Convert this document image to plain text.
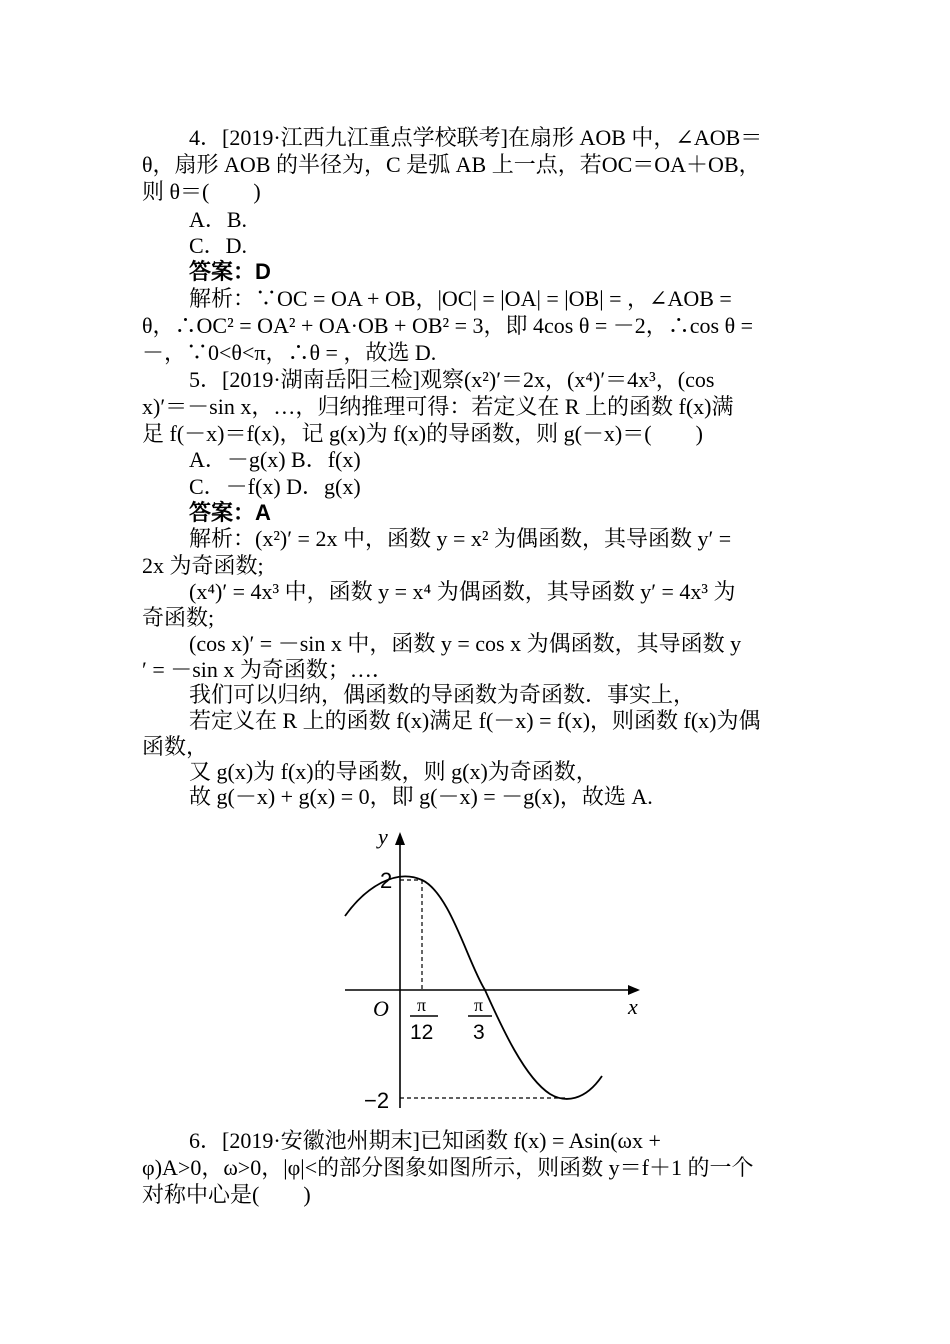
4．[2019·江西九江重点学校联考]在扇形 AOB 中，∠AOB＝
θ，扇形 AOB 的半径为，C 是弧 AB 上一点，若OC＝OA＋OB，
则 θ＝(　　)
A．B.
C．D.
答案：D
解析：∵OC = OA + OB，|OC| = |OA| = |OB| = ，∠AOB =
θ，∴OC² = OA² + OA·OB + OB² = 3，即 4cos θ = －2，∴cos θ =
－，∵0<θ<π，∴θ = ，故选 D.
5．[2019·湖南岳阳三检]观察(x²)′＝2x，(x⁴)′＝4x³，(cos
x)′＝－sin x，…，归纳推理可得：若定义在 R 上的函数 f(x)满
足 f(－x)＝f(x)，记 g(x)为 f(x)的导函数，则 g(－x)＝(　　)
A．－g(x) B．f(x)
C．－f(x) D．g(x)
答案：A
解析：(x²)′ = 2x 中，函数 y = x² 为偶函数，其导函数 y′ =
2x 为奇函数;
(x⁴)′ = 4x³ 中，函数 y = x⁴ 为偶函数，其导函数 y′ = 4x³ 为
奇函数;
(cos x)′ = －sin x 中，函数 y = cos x 为偶函数，其导函数 y
′ = －sin x 为奇函数；…．
我们可以归纳，偶函数的导函数为奇函数．事实上，
若定义在 R 上的函数 f(x)满足 f(－x) = f(x)，则函数 f(x)为偶
函数，
又 g(x)为 f(x)的导函数，则 g(x)为奇函数，
故 g(－x) + g(x) = 0，即 g(－x) = －g(x)，故选 A.
y
x
O
2
−2
π
12
π
3
6．[2019·安徽池州期末]已知函数 f(x) = Asin(ωx +
φ)A>0，ω>0，|φ|<的部分图象如图所示，则函数 y＝f＋1 的一个
对称中心是(　　)
